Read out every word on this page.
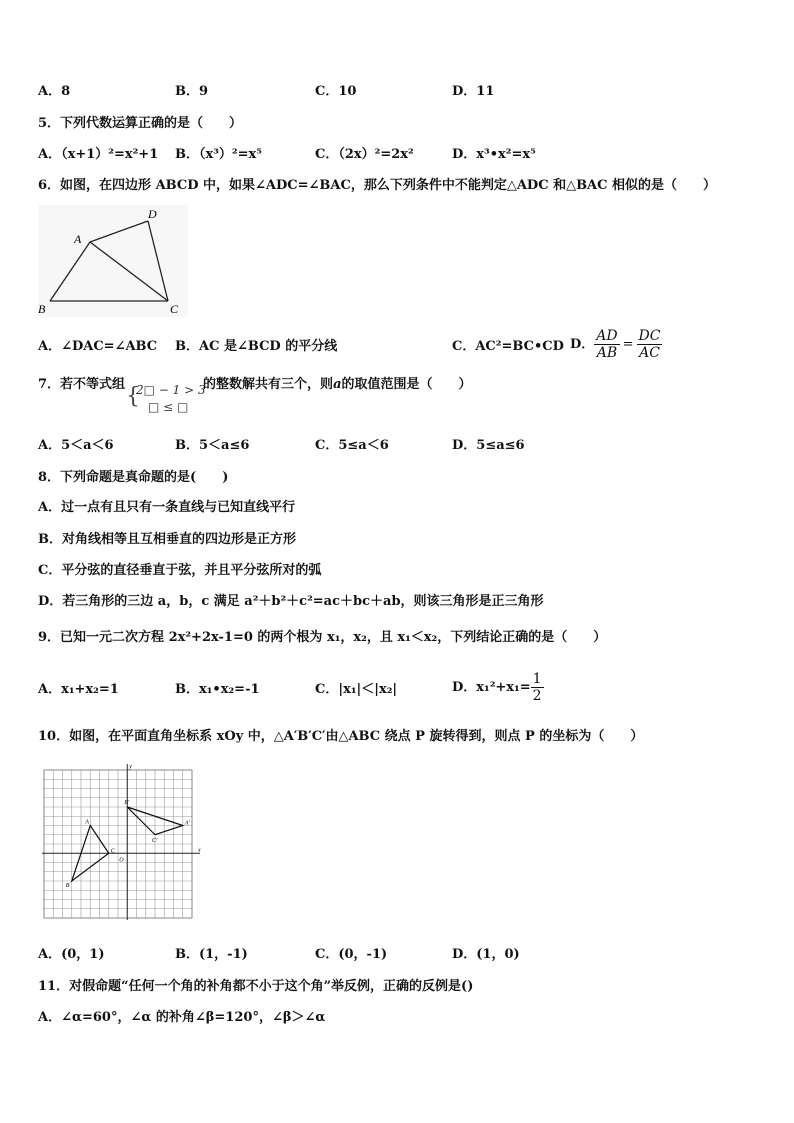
A．8	B．9	C．10	D．11
5．下列代数运算正确的是（　　）
A．（x+1）²=x²+1 B．（x³）²=x⁵	C．（2x）²=2x²	D．x³•x²=x⁵
6．如图，在四边形 ABCD 中，如果∠ADC=∠BAC，那么下列条件中不能判定△ADC 和△BAC 相似的是（　　）
A
B	C
D
A．∠DAC=∠ABC B．AC 是∠BCD 的平分线	C．AC²=BC•CD D． $\frac{AD}{AB} = \frac{DC}{AC}$
7．若不等式组	的整数解共有三个，则a的取值范围是（　　）
{
2□ − 1 > 3
□ ≤ □
A．5＜a＜6	B．5＜a≤6	C．5≤a＜6	D．5≤a≤6
8．下列命题是真命题的是(　　)
A．过一点有且只有一条直线与已知直线平行
B．对角线相等且互相垂直的四边形是正方形
C．平分弦的直径垂直于弦，并且平分弦所对的弧
D．若三角形的三边 a，b，c 满足 a²＋b²＋c²=ac＋bc＋ab，则该三角形是正三角形
9．已知一元二次方程 2x²+2x-1=0 的两个根为 x₁，x₂，且 x₁＜x₂，下列结论正确的是（　　）
A．x₁+x₂=1	B．x₁•x₂=-1	C．|x₁|＜|x₂|	D．$x_1^2+x_1= \frac{1}{2}$
10．如图，在平面直角坐标系 xOy 中，△A′B′C′由△ABC 绕点 P 旋转得到，则点 P 的坐标为（　　）
A
B
C
A′
B′
C′
O
x
y
A．(0，1)	B．(1，-1)	C．(0，-1)	D．(1，0)
11．对假命题“任何一个角的补角都不小于这个角”举反例，正确的反例是()
A．∠α=60°，∠α 的补角∠β=120°，∠β＞∠α
